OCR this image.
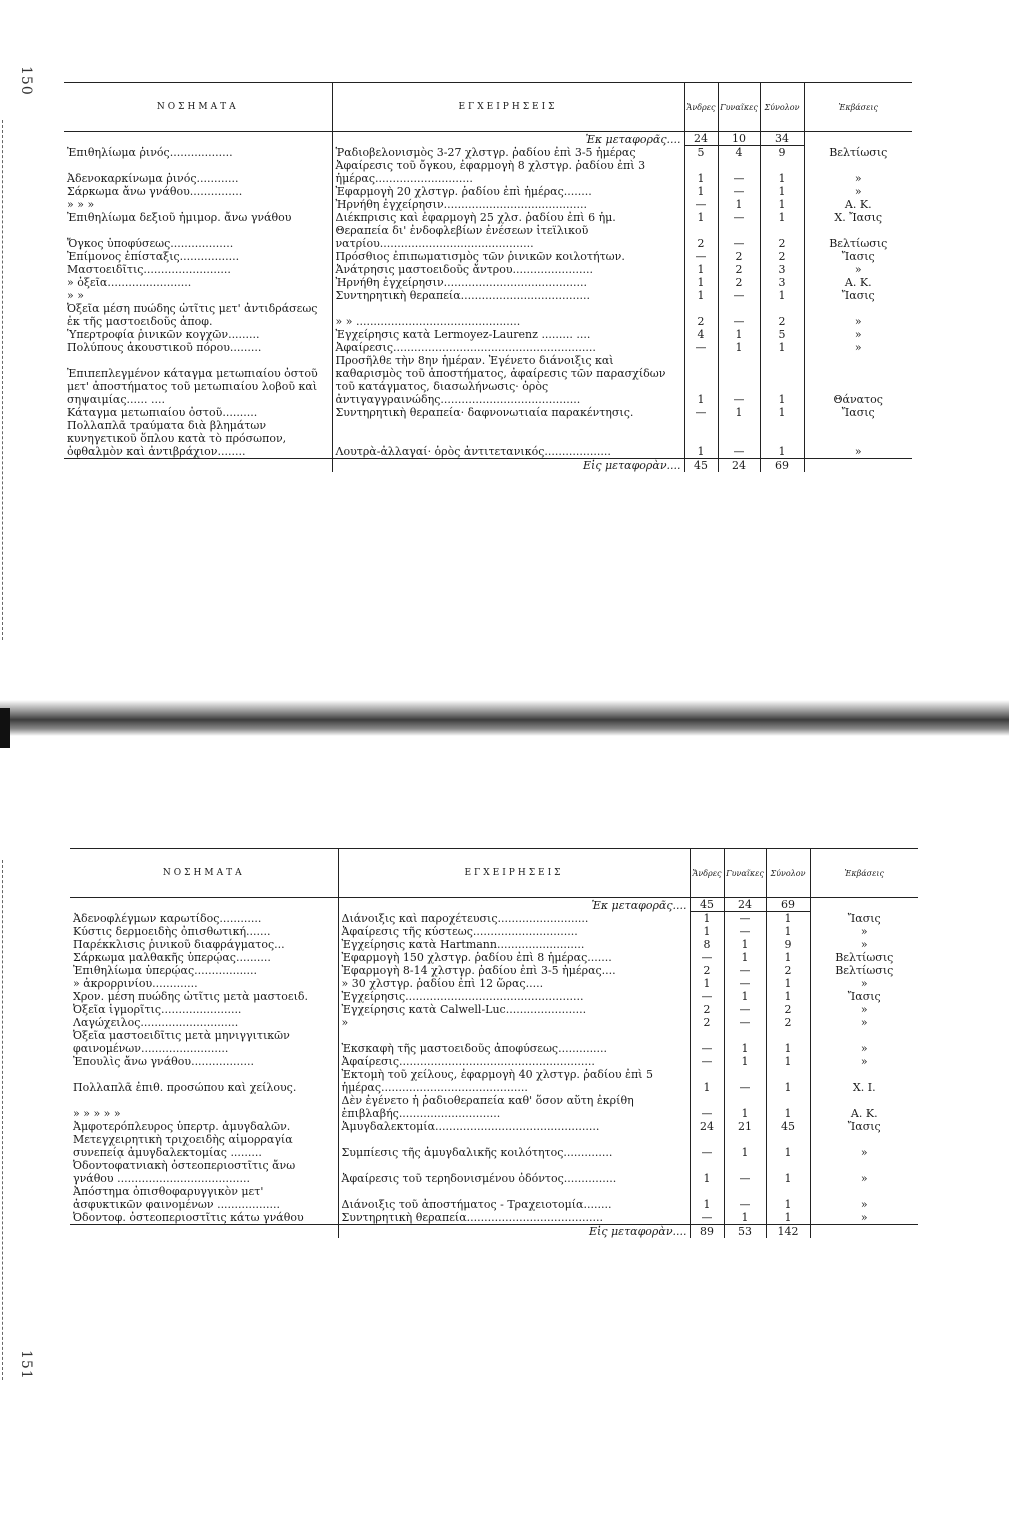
150
151
ΝΟΣΗΜΑΤΑ	ΕΓΧΕΙΡΗΣΕΙΣ	Ἄνδρες	Γυναῖκες	Σύνολον	Ἐκβάσεις
	Ἐκ μεταφορᾶς....	24	10	34	
Ἐπιθηλίωμα ῥινός..................	Ῥαδιοβελονισμὸς 3-27 χλστγρ. ῥαδίου ἐπὶ 3-5 ἡμέρας	5	4	9	Βελτίωσις
Ἀδενοκαρκίνωμα ῥινός............	Ἀφαίρεσις τοῦ ὄγκου, ἐφαρμογὴ 8 χλστγρ. ῥαδίου ἐπὶ 3 ἡμέρας............................	1	—	1	»
Σάρκωμα ἄνω γνάθου...............	Ἐφαρμογὴ 20 χλστγρ. ῥαδίου ἐπὶ ἡμέρας........	1	—	1	»
» » »	Ἠρνήθη ἐγχείρησιν.........................................	—	1	1	Α. Κ.
Ἐπιθηλίωμα δεξιοῦ ἡμιμορ. ἄνω γνάθου	Διέκπρισις καὶ ἐφαρμογὴ 25 χλσ. ῥαδίου ἐπὶ 6 ἡμ.	1	—	1	Χ. Ἴασις
Ὄγκος ὑποφύσεως..................	Θεραπεία δι' ἐνδοφλεβίων ἐνέσεων ἰτεϊλικοῦ νατρίου............................................	2	—	2	Βελτίωσις
Ἐπίμονος ἐπίσταξις.................	Πρόσθιος ἐπιπωματισμὸς τῶν ῥινικῶν κοιλοτήτων.	—	2	2	Ἴασις
Μαστοειδῖτις.........................	Ἀνάτρησις μαστοειδοῦς ἄντρου.......................	1	2	3	»
» ὀξεῖα........................	Ἠρνήθη ἐγχείρησιν.........................................	1	2	3	Α. Κ.
» »	Συντηρητικὴ θεραπεία.....................................	1	—	1	Ἴασις
Ὀξεῖα μέση πυώδης ὠτῖτις μετ' ἀντιδράσεως ἐκ τῆς μαστοειδοῦς ἀποφ.	» » ...............................................	2	—	2	»
Ὑπερτροφία ῥινικῶν κογχῶν.........	Ἐγχείρησις κατὰ Lermoyez-Laurenz ......... ....	4	1	5	»
Πολύπους ἀκουστικοῦ πόρου.........	Ἀφαίρεσις..........................................................	—	1	1	»
Ἐπιπεπλεγμένον κάταγμα μετωπιαίου ὀστοῦ μετ' ἀποστήματος τοῦ μετωπιαίου λοβοῦ καὶ σηψαιμίας...... ....	Προσῆλθε τὴν 8ην ἡμέραν. Ἐγένετο διάνοιξις καὶ καθαρισμὸς τοῦ ἀποστήματος, ἀφαίρεσις τῶν παρασχίδων τοῦ κατάγματος, διασωλήνωσις· ὁρὸς ἀντιγαγγραινώδης........................................	1	—	1	Θάνατος
Κάταγμα μετωπιαίου ὀστοῦ..........	Συντηρητικὴ θεραπεία· δαφνονωτιαία παρακέντησις.	—	1	1	Ἴασις
Πολλαπλᾶ τραύματα διὰ βλημάτων κυνηγετικοῦ ὅπλου κατὰ τὸ πρόσωπον, ὀφθαλμὸν καὶ ἀντιβράχιον........	Λουτρὰ-ἀλλαγαί· ὁρὸς ἀντιτετανικός...................	1	—	1	»
	Εἰς μεταφορὰν....	45	24	69	
ΝΟΣΗΜΑΤΑ	ΕΓΧΕΙΡΗΣΕΙΣ	Ἄνδρες	Γυναῖκες	Σύνολον	Ἐκβάσεις
	Ἐκ μεταφορᾶς....	45	24	69	
Ἀδενοφλέγμων καρωτίδος............	Διάνοιξις καὶ παροχέτευσις..........................	1	—	1	Ἴασις
Κύστις δερμοειδὴς ὀπισθωτική.......	Ἀφαίρεσις τῆς κύστεως..............................	1	—	1	»
Παρέκκλισις ῥινικοῦ διαφράγματος...	Ἐγχείρησις κατὰ Hartmann.........................	8	1	9	»
Σάρκωμα μαλθακῆς ὑπερῴας..........	Ἐφαρμογὴ 150 χλστγρ. ῥαδίου ἐπὶ 8 ἡμέρας.......	—	1	1	Βελτίωσις
Ἐπιθηλίωμα ὑπερῴας..................	Ἐφαρμογὴ 8-14 χλστγρ. ῥαδίου ἐπὶ 3-5 ἡμέρας....	2	—	2	Βελτίωσις
» ἀκρορρινίου.............	» 30 χλστγρ. ῥαδίου ἐπὶ 12 ὥρας.....	1	—	1	»
Χρον. μέση πυώδης ὠτῖτις μετὰ μαστοειδ.	Ἐγχείρησις...................................................	—	1	1	Ἴασις
Ὀξεῖα ἰγμορῖτις.......................	Ἐγχείρησις κατὰ Calwell-Luc.......................	2	—	2	»
Λαγώχειλος............................	»	2	—	2	»
Ὀξεῖα μαστοειδῖτις μετὰ μηνιγγιτικῶν φαινομένων.........................	Ἐκσκαφὴ τῆς μαστοειδοῦς ἀποφύσεως..............	—	1	1	»
Ἐπουλὶς ἄνω γνάθου..................	Ἀφαίρεσις........................................................	—	1	1	»
Πολλαπλᾶ ἐπιθ. προσώπου καὶ χείλους.	Ἐκτομὴ τοῦ χείλους, ἐφαρμογὴ 40 χλστγρ. ῥαδίου ἐπὶ 5 ἡμέρας..........................................	1	—	1	Χ. Ι.
» » » » »	Δὲν ἐγένετο ἡ ῥαδιοθεραπεία καθ' ὅσον αὕτη ἐκρίθη ἐπιβλαβής.............................	—	1	1	Α. Κ.
Ἀμφοτερόπλευρος ὑπερτρ. ἀμυγδαλῶν.	Ἀμυγδαλεκτομία...............................................	24	21	45	Ἴασις
Μετεγχειρητικὴ τριχοειδὴς αἱμορραγία συνεπείᾳ ἀμυγδαλεκτομίας .........	Συμπίεσις τῆς ἀμυγδαλικῆς κοιλότητος..............	—	1	1	»
Ὀδοντοφατνιακὴ ὀστεοπεριοστῖτις ἄνω γνάθου ......................................	Ἀφαίρεσις τοῦ τερηδονισμένου ὀδόντος...............	1	—	1	»
Ἀπόστημα ὀπισθοφαρυγγικὸν μετ' ἀσφυκτικῶν φαινομένων ..................	Διάνοιξις τοῦ ἀποστήματος - Τραχειοτομία........	1	—	1	»
Ὀδοντοφ. ὀστεοπεριοστῖτις κάτω γνάθου	Συντηρητικὴ θεραπεία.......................................	—	1	1	»
	Εἰς μεταφορὰν....	89	53	142	
